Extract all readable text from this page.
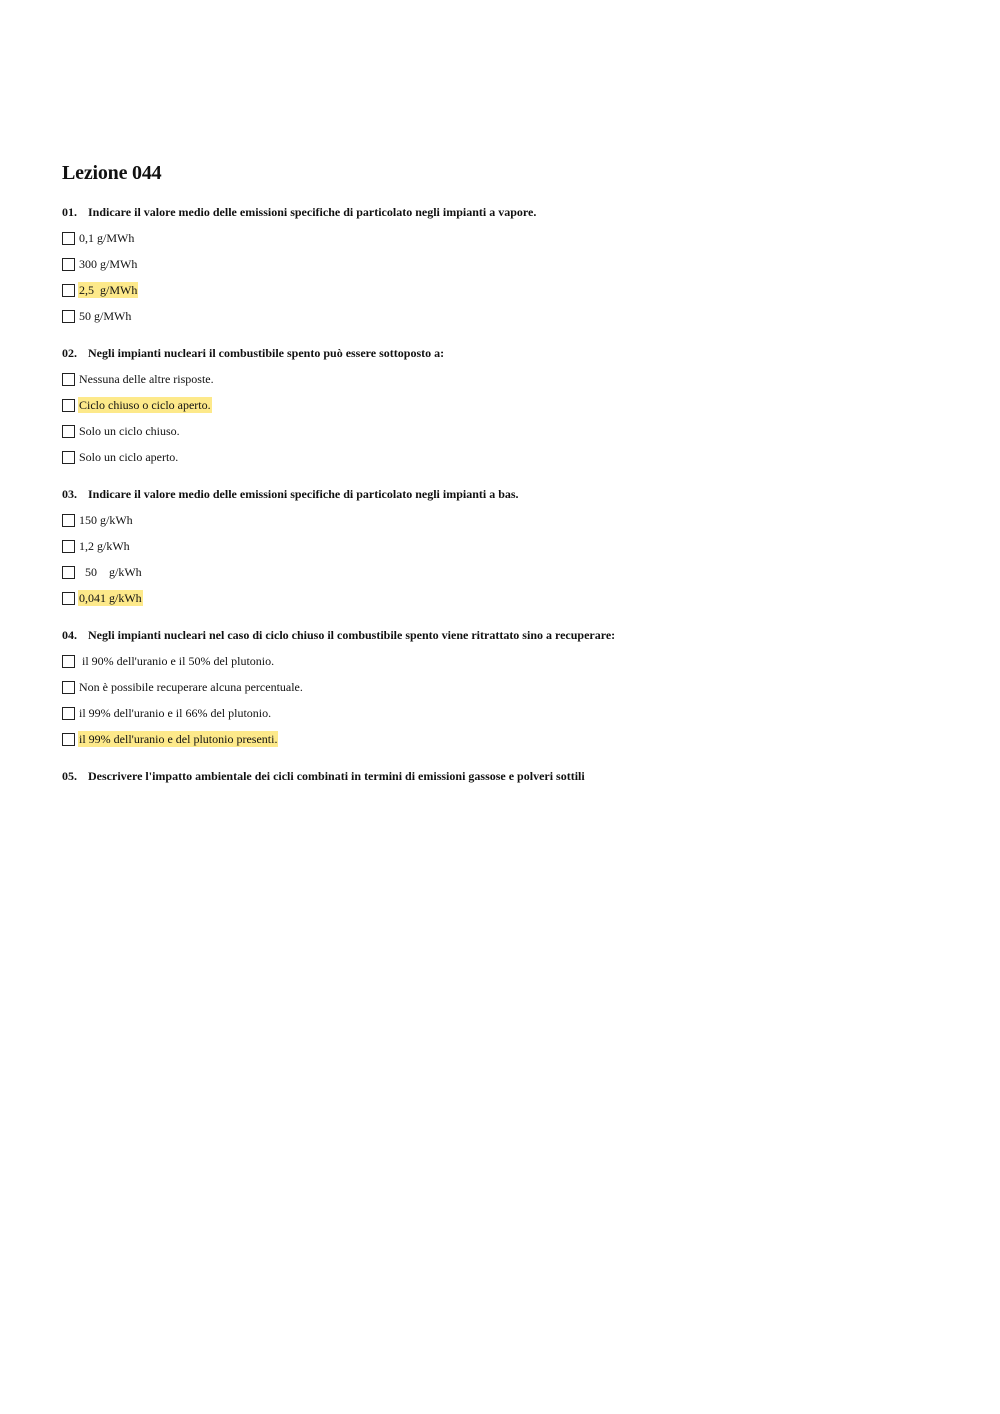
Lezione 044
01. Indicare il valore medio delle emissioni specifiche di particolato negli impianti a vapore.
0,1 g/MWh
300 g/MWh
2,5  g/MWh
50 g/MWh
02. Negli impianti nucleari il combustibile spento può essere sottoposto a:
Nessuna delle altre risposte.
Ciclo chiuso o ciclo aperto.
Solo un ciclo chiuso.
Solo un ciclo aperto.
03. Indicare il valore medio delle emissioni specifiche di particolato negli impianti a bas.
150 g/kWh
1,2 g/kWh
50    g/kWh
0,041 g/kWh
04. Negli impianti nucleari nel caso di ciclo chiuso il combustibile spento viene ritrattato sino a recuperare:
il 90% dell'uranio e il 50% del plutonio.
Non è possibile recuperare alcuna percentuale.
il 99% dell'uranio e il 66% del plutonio.
il 99% dell'uranio e del plutonio presenti.
05. Descrivere l'impatto ambientale dei cicli combinati in termini di emissioni gassose e polveri sottili
